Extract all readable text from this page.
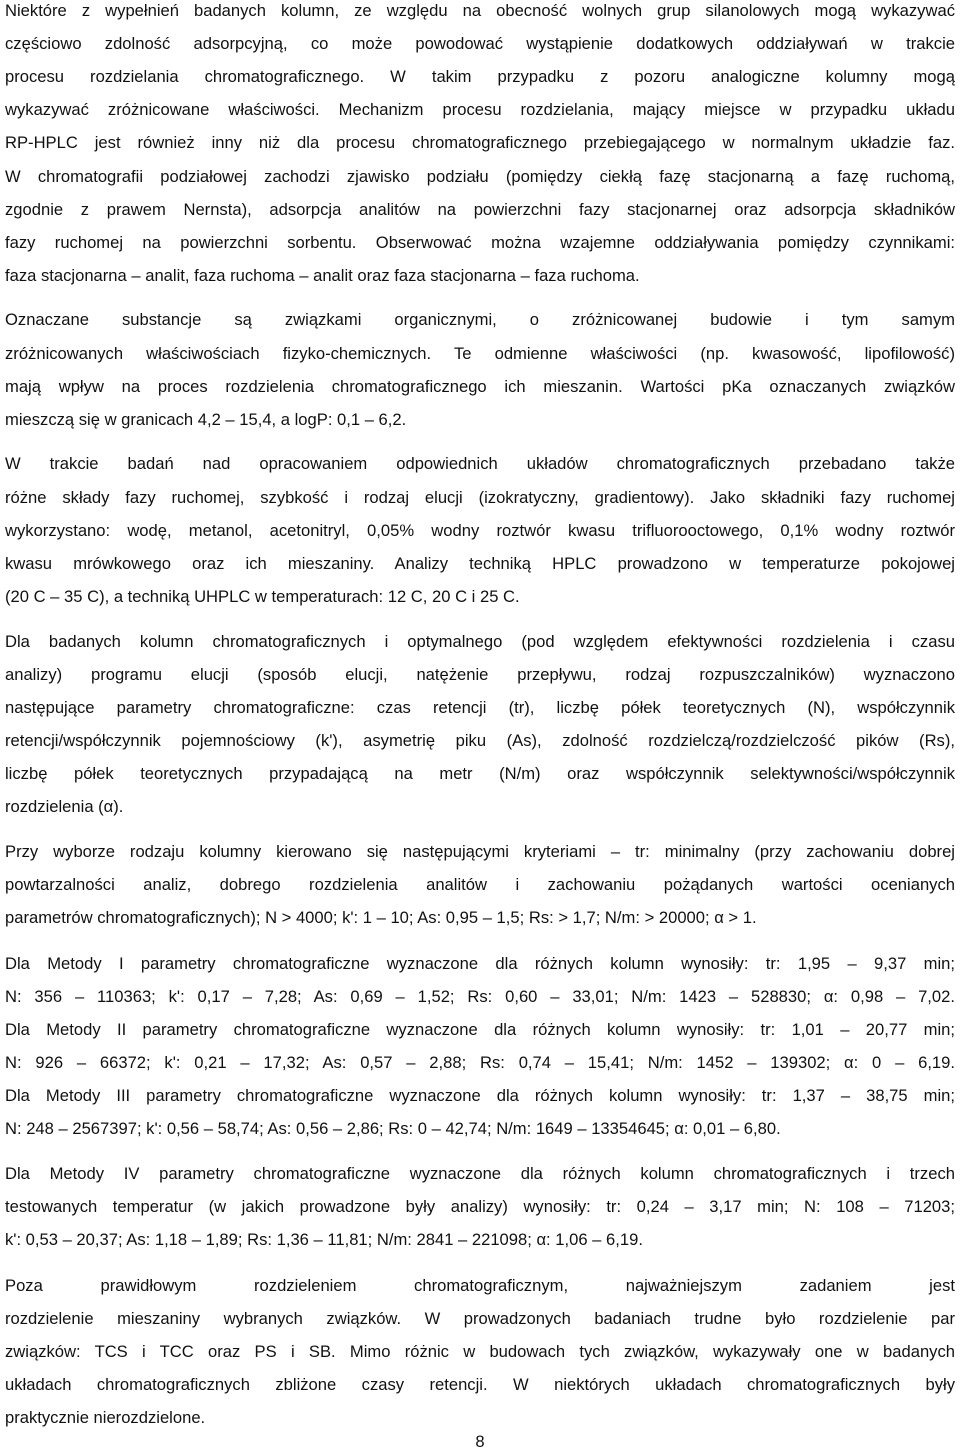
Niektóre z wypełnień badanych kolumn, ze względu na obecność wolnych grup silanolowych mogą wykazywać
częściowo zdolność adsorpcyjną, co może powodować wystąpienie dodatkowych oddziaływań w trakcie
procesu rozdzielania chromatograficznego. W takim przypadku z pozoru analogiczne kolumny mogą
wykazywać zróżnicowane właściwości. Mechanizm procesu rozdzielania, mający miejsce w przypadku układu
RP-HPLC jest również inny niż dla procesu chromatograficznego przebiegającego w normalnym układzie faz.
W chromatografii podziałowej zachodzi zjawisko podziału (pomiędzy ciekłą fazę stacjonarną a fazę ruchomą,
zgodnie z prawem Nernsta), adsorpcja analitów na powierzchni fazy stacjonarnej oraz adsorpcja składników
fazy ruchomej na powierzchni sorbentu. Obserwować można wzajemne oddziaływania pomiędzy czynnikami:
faza stacjonarna – analit, faza ruchoma – analit oraz faza stacjonarna – faza ruchoma.
Oznaczane substancje są związkami organicznymi, o zróżnicowanej budowie i tym samym
zróżnicowanych właściwościach fizyko-chemicznych. Te odmienne właściwości (np. kwasowość, lipofilowość)
mają wpływ na proces rozdzielenia chromatograficznego ich mieszanin. Wartości pKa oznaczanych związków
mieszczą się w granicach 4,2 – 15,4, a logP: 0,1 – 6,2.
W trakcie badań nad opracowaniem odpowiednich układów chromatograficznych przebadano także
różne składy fazy ruchomej, szybkość i rodzaj elucji (izokratyczny, gradientowy). Jako składniki fazy ruchomej
wykorzystano: wodę, metanol, acetonitryl, 0,05% wodny roztwór kwasu trifluorooctowego, 0,1% wodny roztwór
kwasu mrówkowego oraz ich mieszaniny. Analizy techniką HPLC prowadzono w temperaturze pokojowej
(20 C – 35 C), a techniką UHPLC w temperaturach: 12 C, 20 C i 25 C.
Dla badanych kolumn chromatograficznych i optymalnego (pod względem efektywności rozdzielenia i czasu
analizy) programu elucji (sposób elucji, natężenie przepływu, rodzaj rozpuszczalników) wyznaczono
następujące parametry chromatograficzne: czas retencji (tr), liczbę półek teoretycznych (N), współczynnik
retencji/współczynnik pojemnościowy (k'), asymetrię piku (As), zdolność rozdzielczą/rozdzielczość pików (Rs),
liczbę półek teoretycznych przypadającą na metr (N/m) oraz współczynnik selektywności/współczynnik
rozdzielenia (α).
Przy wyborze rodzaju kolumny kierowano się następującymi kryteriami – tr: minimalny (przy zachowaniu dobrej
powtarzalności analiz, dobrego rozdzielenia analitów i zachowaniu pożądanych wartości ocenianych
parametrów chromatograficznych); N > 4000; k': 1 – 10; As: 0,95 – 1,5; Rs: > 1,7; N/m: > 20000; α > 1.
Dla Metody I parametry chromatograficzne wyznaczone dla różnych kolumn wynosiły: tr: 1,95 – 9,37 min;
N: 356 – 110363; k': 0,17 – 7,28; As: 0,69 – 1,52; Rs: 0,60 – 33,01; N/m: 1423 – 528830; α: 0,98 – 7,02.
Dla Metody II parametry chromatograficzne wyznaczone dla różnych kolumn wynosiły: tr: 1,01 – 20,77 min;
N: 926 – 66372; k': 0,21 – 17,32; As: 0,57 – 2,88; Rs: 0,74 – 15,41; N/m: 1452 – 139302; α: 0 – 6,19.
Dla Metody III parametry chromatograficzne wyznaczone dla różnych kolumn wynosiły: tr: 1,37 – 38,75 min;
N: 248 – 2567397; k': 0,56 – 58,74; As: 0,56 – 2,86; Rs: 0 – 42,74; N/m: 1649 – 13354645; α: 0,01 – 6,80.
Dla Metody IV parametry chromatograficzne wyznaczone dla różnych kolumn chromatograficznych i trzech
testowanych temperatur (w jakich prowadzone były analizy) wynosiły: tr: 0,24 – 3,17 min; N: 108 – 71203;
k': 0,53 – 20,37; As: 1,18 – 1,89; Rs: 1,36 – 11,81; N/m: 2841 – 221098; α: 1,06 – 6,19.
Poza prawidłowym rozdzieleniem chromatograficznym, najważniejszym zadaniem jest
rozdzielenie mieszaniny wybranych związków. W prowadzonych badaniach trudne było rozdzielenie par
związków: TCS i TCC oraz PS i SB. Mimo różnic w budowach tych związków, wykazywały one w badanych
układach chromatograficznych zbliżone czasy retencji. W niektórych układach chromatograficznych były
praktycznie nierozdzielone.
8
